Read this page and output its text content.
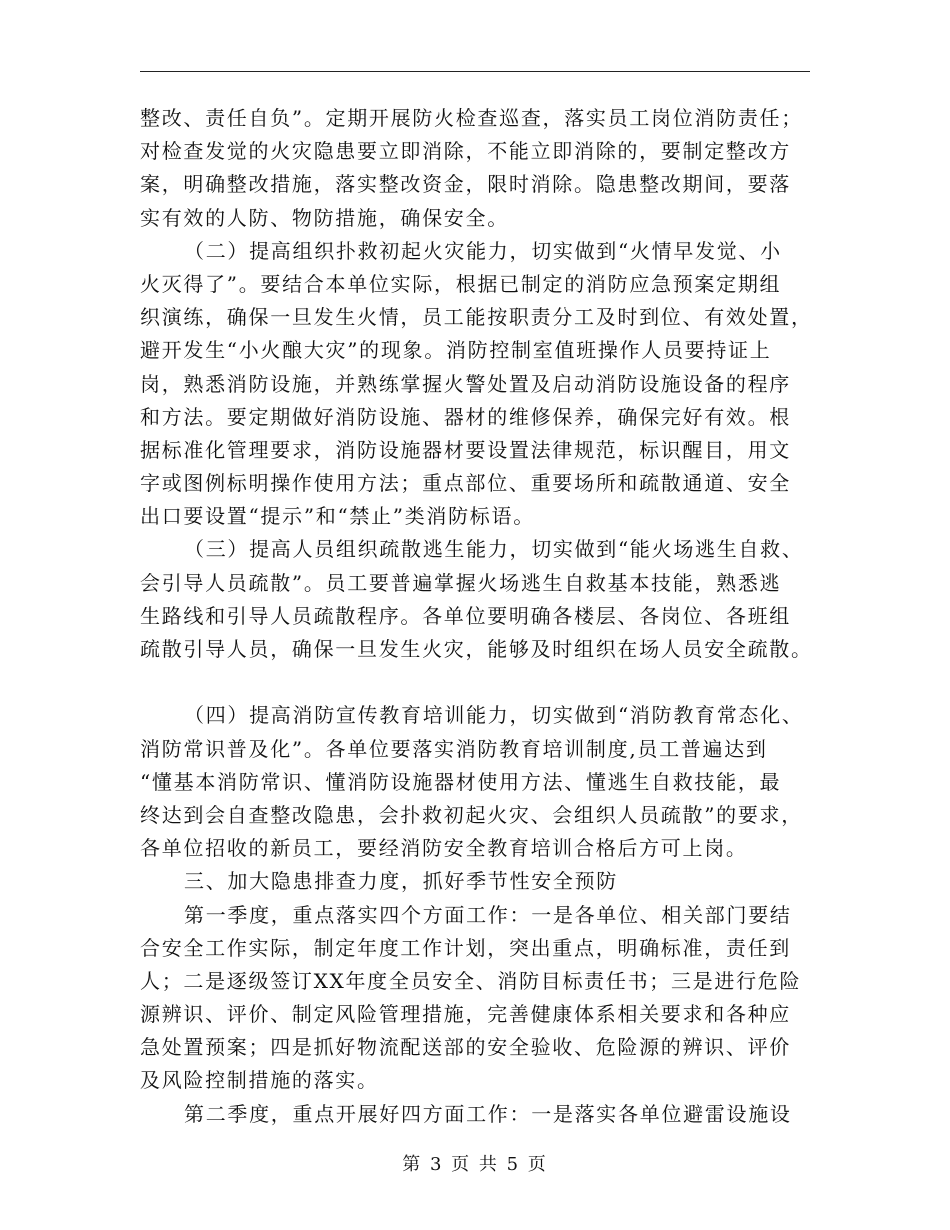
整改、责任自负”。定期开展防火检查巡查，落实员工岗位消防责任；
对检查发觉的火灾隐患要立即消除，不能立即消除的，要制定整改方
案，明确整改措施，落实整改资金，限时消除。隐患整改期间，要落
实有效的人防、物防措施，确保安全。
（二）提高组织扑救初起火灾能力，切实做到“火情早发觉、小
火灭得了”。要结合本单位实际，根据已制定的消防应急预案定期组
织演练，确保一旦发生火情，员工能按职责分工及时到位、有效处置，
避开发生“小火酿大灾”的现象。消防控制室值班操作人员要持证上
岗，熟悉消防设施，并熟练掌握火警处置及启动消防设施设备的程序
和方法。要定期做好消防设施、器材的维修保养，确保完好有效。根
据标准化管理要求，消防设施器材要设置法律规范，标识醒目，用文
字或图例标明操作使用方法；重点部位、重要场所和疏散通道、安全
出口要设置“提示”和“禁止”类消防标语。
（三）提高人员组织疏散逃生能力，切实做到“能火场逃生自救、
会引导人员疏散”。员工要普遍掌握火场逃生自救基本技能，熟悉逃
生路线和引导人员疏散程序。各单位要明确各楼层、各岗位、各班组
疏散引导人员，确保一旦发生火灾，能够及时组织在场人员安全疏散。
（四）提高消防宣传教育培训能力，切实做到“消防教育常态化、
消防常识普及化”。各单位要落实消防教育培训制度,员工普遍达到
“懂基本消防常识、懂消防设施器材使用方法、懂逃生自救技能，最
终达到会自查整改隐患，会扑救初起火灾、会组织人员疏散”的要求，
各单位招收的新员工，要经消防安全教育培训合格后方可上岗。
三、加大隐患排查力度，抓好季节性安全预防
第一季度，重点落实四个方面工作：一是各单位、相关部门要结
合安全工作实际，制定年度工作计划，突出重点，明确标准，责任到
人；二是逐级签订XX年度全员安全、消防目标责任书；三是进行危险
源辨识、评价、制定风险管理措施，完善健康体系相关要求和各种应
急处置预案；四是抓好物流配送部的安全验收、危险源的辨识、评价
及风险控制措施的落实。
第二季度，重点开展好四方面工作：一是落实各单位避雷设施设
第 3 页 共 5 页
